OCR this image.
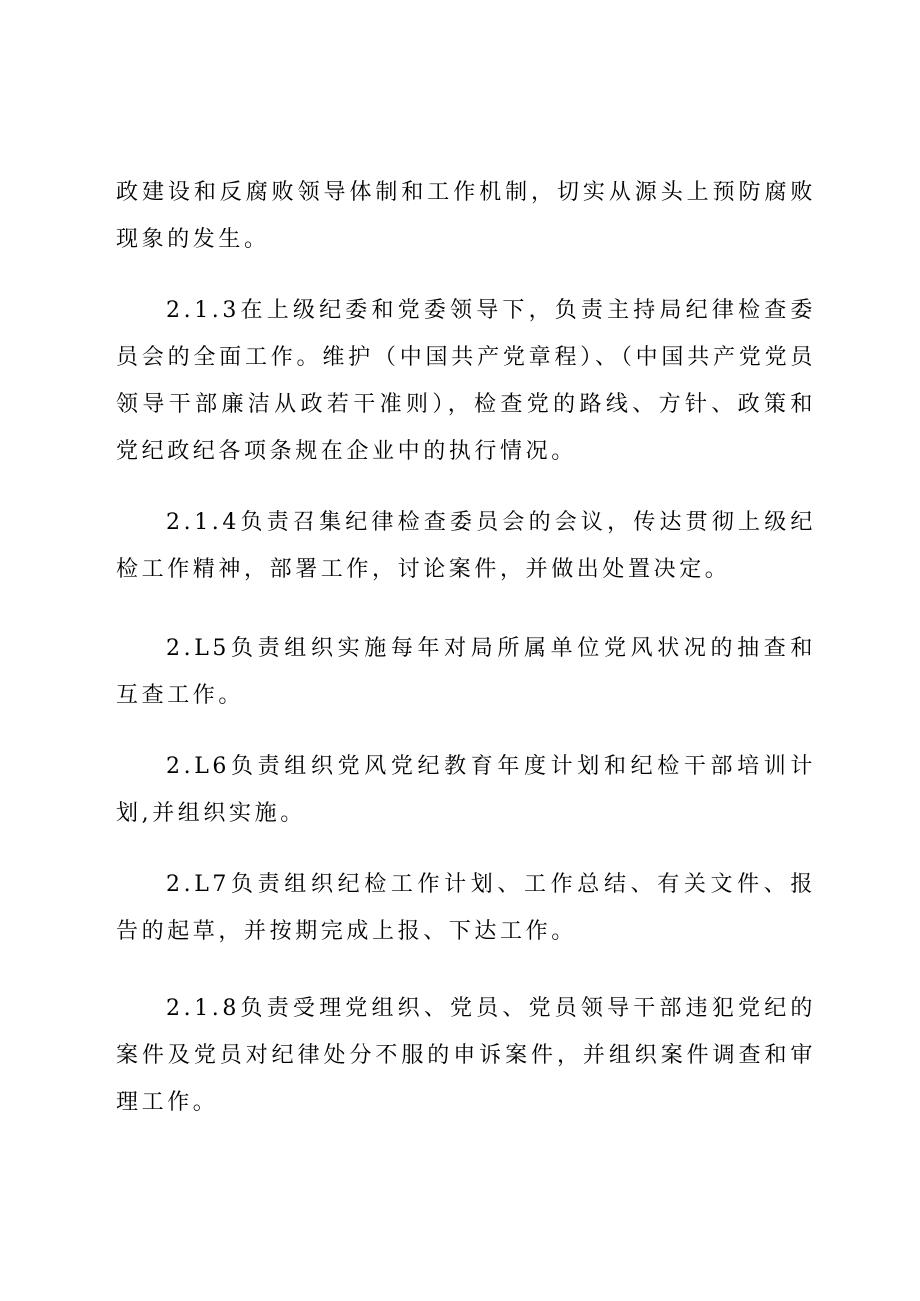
政建设和反腐败领导体制和工作机制，切实从源头上预防腐败现象的发生。

2.1.3在上级纪委和党委领导下，负责主持局纪律检查委员会的全面工作。维护（中国共产党章程）、（中国共产党党员领导干部廉洁从政若干准则），检查党的路线、方针、政策和党纪政纪各项条规在企业中的执行情况。

2.1.4负责召集纪律检查委员会的会议，传达贯彻上级纪检工作精神，部署工作，讨论案件，并做出处置决定。

2.L5负责组织实施每年对局所属单位党风状况的抽查和互查工作。

2.L6负责组织党风党纪教育年度计划和纪检干部培训计划,并组织实施。

2.L7负责组织纪检工作计划、工作总结、有关文件、报告的起草，并按期完成上报、下达工作。

2.1.8负责受理党组织、党员、党员领导干部违犯党纪的案件及党员对纪律处分不服的申诉案件，并组织案件调查和审理工作。
